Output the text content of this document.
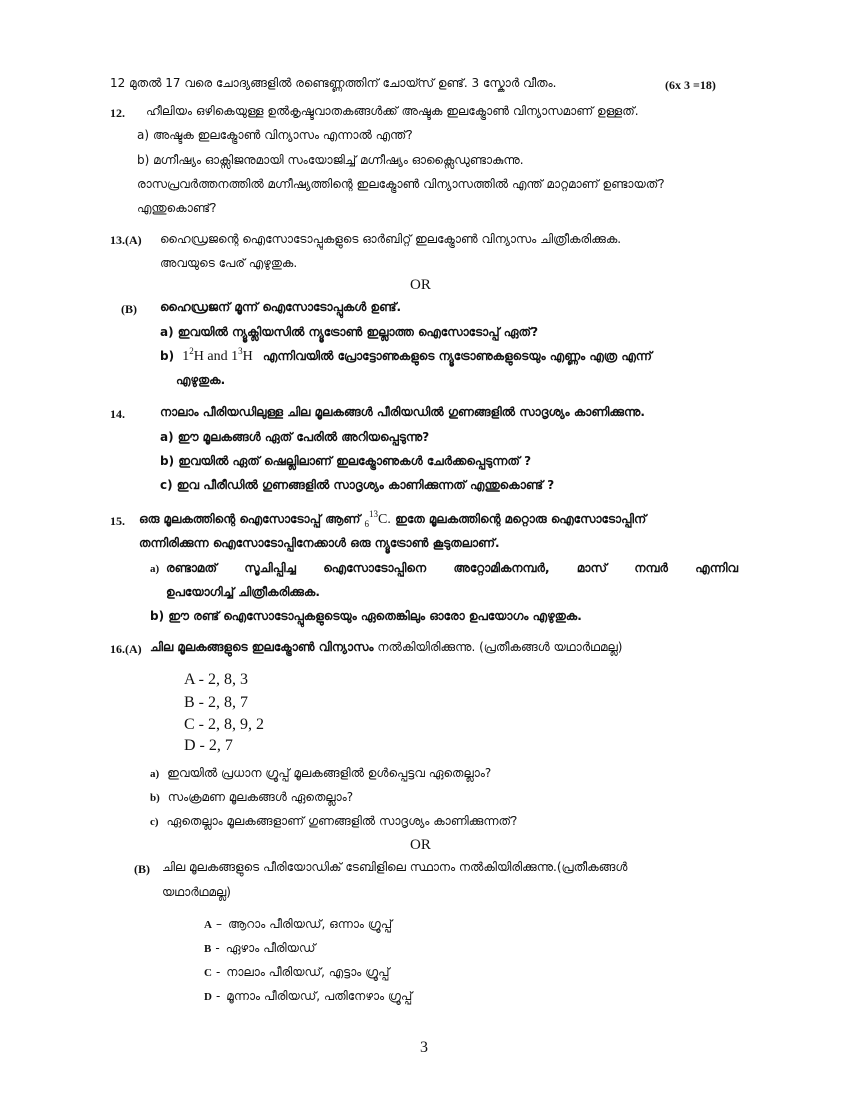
12 മുതൽ 17 വരെ ചോദ്യങ്ങളിൽ രണ്ടെണ്ണത്തിന് ചോയ്സ് ഉണ്ട്. 3 സ്കോർ വീതം.	(6x 3 =18)
12. ഹീലിയം ഒഴികെയുള്ള ഉൽകൃഷ്ടവാതകങ്ങൾക്ക് അഷ്ടക ഇലക്ട്രോൺ വിന്യാസമാണ് ഉള്ളത്.
a) അഷ്ടക ഇലക്ട്രോൺ വിന്യാസം എന്നാൽ എന്ത്?
b) മഗ്നീഷ്യം ഓക്സിജനുമായി സംയോജിച്ച് മഗ്നീഷ്യം ഓക്സൈഡുണ്ടാകുന്നു.
രാസപ്രവർത്തനത്തിൽ മഗ്നീഷ്യത്തിന്റെ ഇലക്ട്രോൺ വിന്യാസത്തിൽ എന്ത് മാറ്റമാണ് ഉണ്ടായത്?
എന്തുകൊണ്ട്?
13.(A) ഹൈഡ്രജന്റെ ഐസോടോപ്പുകളുടെ ഓർബിറ്റ് ഇലക്ട്രോൺ വിന്യാസം ചിത്രീകരിക്കുക.
അവയുടെ പേര് എഴുതുക.
OR
(B) ഹൈഡ്രജന് മൂന്ന് ഐസോടോപ്പുകൾ ഉണ്ട്.
a) ഇവയിൽ ന്യൂക്ലിയസിൽ ന്യൂട്രോൺ ഇല്ലാത്ത ഐസോടോപ്പ് ഏത്?
b) $1^2H$ and $1^3H$ എന്നിവയിൽ പ്രോട്ടോണുകളുടെ ന്യൂട്രോണുകളുടെയും എണ്ണം എത്ര എന്ന്
എഴുതുക.
14.	നാലാം പീരിയഡിലുള്ള ചില മൂലകങ്ങൾ പീരിയഡിൽ ഗുണങ്ങളിൽ സാദൃശ്യം കാണിക്കുന്നു.
a) ഈ മൂലകങ്ങൾ ഏത് പേരിൽ അറിയപ്പെടുന്നു?
b) ഇവയിൽ ഏത് ഷെല്ലിലാണ് ഇലക്ട്രോണുകൾ ചേർക്കപ്പെടുന്നത് ?
c) ഇവ പീരീഡിൽ ഗുണങ്ങളിൽ സാദൃശ്യം കാണിക്കുന്നത് എന്തുകൊണ്ട് ?
15. ഒരു മൂലകത്തിന്റെ ഐസോടോപ്പ് ആണ് $_6^{13}$C. ഇതേ മൂലകത്തിന്റെ മറ്റൊരു ഐസോടോപ്പിന്
തന്നിരിക്കുന്ന ഐസോടോപ്പിനേക്കാൾ ഒരു ന്യൂട്രോൺ കൂടുതലാണ്.
a) രണ്ടാമത് സൂചിപ്പിച്ച ഐസോടോപ്പിനെ അറ്റോമികനമ്പർ, മാസ് നമ്പർ എന്നിവ
ഉപയോഗിച്ച് ചിത്രീകരിക്കുക.
b) ഈ രണ്ട് ഐസോടോപ്പുകളുടെയും ഏതെങ്കിലും ഓരോ ഉപയോഗം എഴുതുക.
16.(A) ചില മൂലകങ്ങളുടെ ഇലക്ട്രോൺ വിന്യാസം നൽകിയിരിക്കുന്നു. (പ്രതീകങ്ങൾ യഥാർഥമല്ല)
A - 2, 8, 3
B - 2, 8, 7
C - 2, 8, 9, 2
D - 2, 7
a) ഇവയിൽ പ്രധാന ഗ്രൂപ്പ് മൂലകങ്ങളിൽ ഉൾപ്പെട്ടവ ഏതെല്ലാം?
b) സംക്രമണ മൂലകങ്ങൾ ഏതെല്ലാം?
c) ഏതെല്ലാം മൂലകങ്ങളാണ് ഗുണങ്ങളിൽ സാദൃശ്യം കാണിക്കുന്നത്?
OR
(B) ചില മൂലകങ്ങളുടെ പീരിയോഡിക് ടേബിളിലെ സ്ഥാനം നൽകിയിരിക്കുന്നു.(പ്രതീകങ്ങൾ
യഥാർഥമല്ല)
A – ആറാം പീരിയഡ്, ഒന്നാം ഗ്രൂപ്പ്
B - ഏഴാം പീരിയഡ്
C - നാലാം പീരിയഡ്, എട്ടാം ഗ്രൂപ്പ്
D - മൂന്നാം പീരിയഡ്, പതിനേഴാം ഗ്രൂപ്പ്
3
